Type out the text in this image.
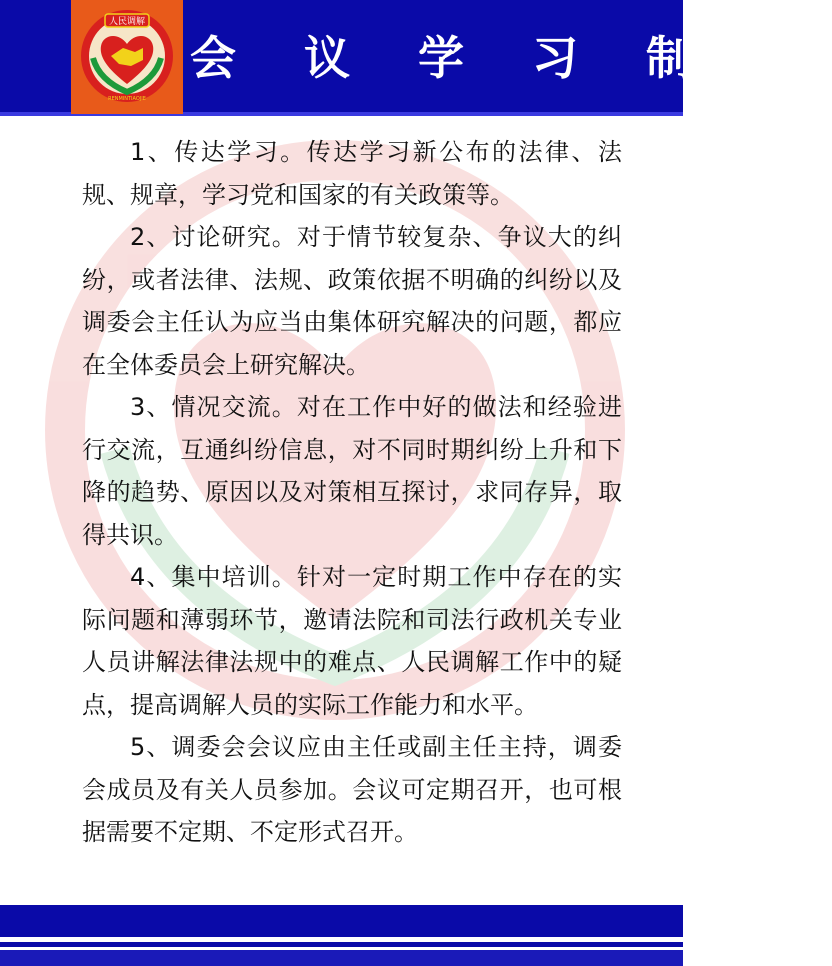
人民调解
RENMINTIAOJIE
会 议 学 习 制 度

1、传达学习。传达学习新公布的法律、法规、规章，学习党和国家的有关政策等。

2、讨论研究。对于情节较复杂、争议大的纠纷，或者法律、法规、政策依据不明确的纠纷以及调委会主任认为应当由集体研究解决的问题，都应在全体委员会上研究解决。

3、情况交流。对在工作中好的做法和经验进行交流，互通纠纷信息，对不同时期纠纷上升和下降的趋势、原因以及对策相互探讨，求同存异，取得共识。

4、集中培训。针对一定时期工作中存在的实际问题和薄弱环节，邀请法院和司法行政机关专业人员讲解法律法规中的难点、人民调解工作中的疑点，提高调解人员的实际工作能力和水平。

5、调委会会议应由主任或副主任主持，调委会成员及有关人员参加。会议可定期召开，也可根据需要不定期、不定形式召开。
